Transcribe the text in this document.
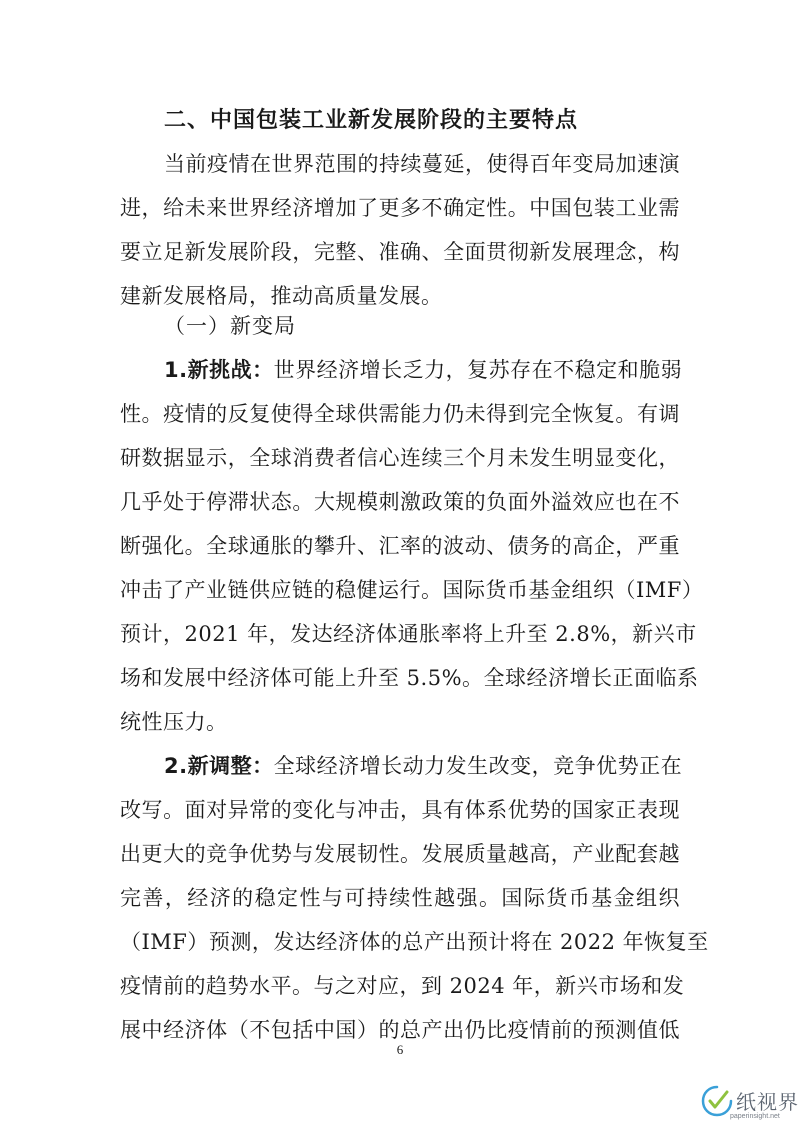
二、中国包装工业新发展阶段的主要特点
当前疫情在世界范围的持续蔓延，使得百年变局加速演
进，给未来世界经济增加了更多不确定性。中国包装工业需
要立足新发展阶段，完整、准确、全面贯彻新发展理念，构
建新发展格局，推动高质量发展。
（一）新变局
1.新挑战：世界经济增长乏力，复苏存在不稳定和脆弱
性。疫情的反复使得全球供需能力仍未得到完全恢复。有调
研数据显示，全球消费者信心连续三个月未发生明显变化，
几乎处于停滞状态。大规模刺激政策的负面外溢效应也在不
断强化。全球通胀的攀升、汇率的波动、债务的高企，严重
冲击了产业链供应链的稳健运行。国际货币基金组织（IMF）
预计，2021 年，发达经济体通胀率将上升至 2.8%，新兴市
场和发展中经济体可能上升至 5.5%。全球经济增长正面临系
统性压力。
2.新调整：全球经济增长动力发生改变，竞争优势正在
改写。面对异常的变化与冲击，具有体系优势的国家正表现
出更大的竞争优势与发展韧性。发展质量越高，产业配套越
完善，经济的稳定性与可持续性越强。国际货币基金组织
（IMF）预测，发达经济体的总产出预计将在 2022 年恢复至
疫情前的趋势水平。与之对应，到 2024 年，新兴市场和发
展中经济体（不包括中国）的总产出仍比疫情前的预测值低
6
纸视界
paperinsight.net
